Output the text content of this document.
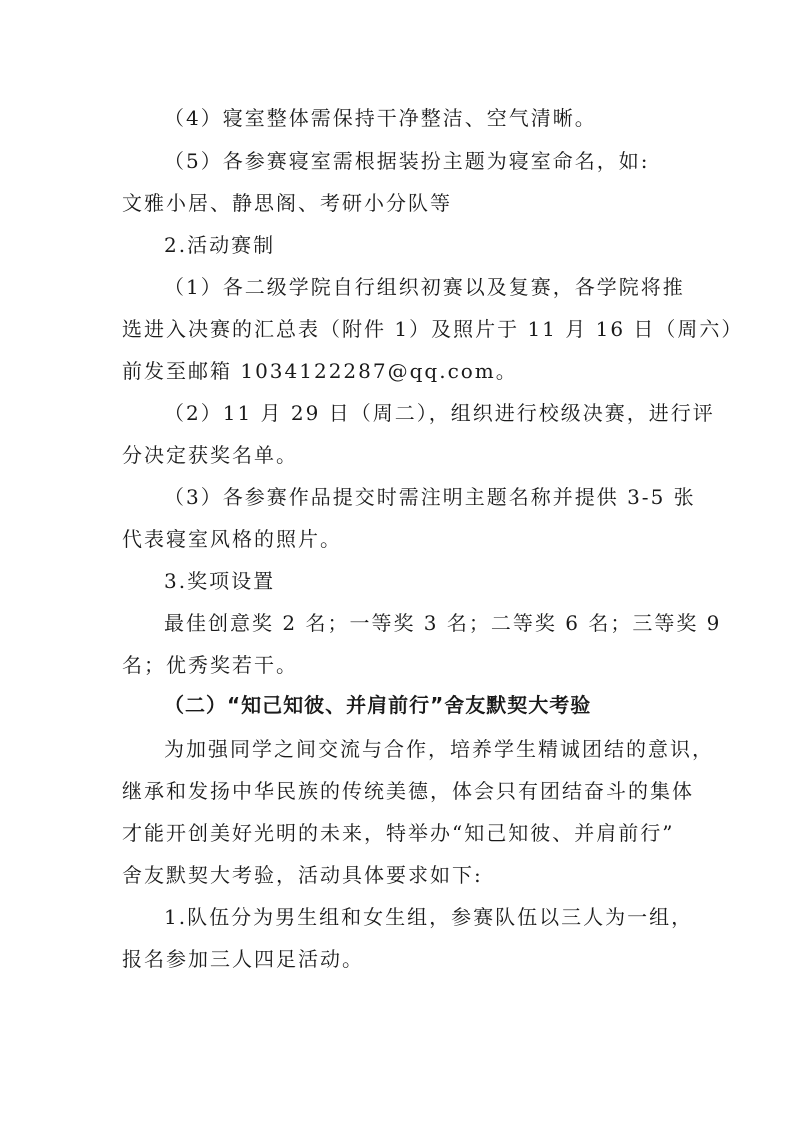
（4）寝室整体需保持干净整洁、空气清晰。
（5）各参赛寝室需根据装扮主题为寝室命名，如:
文雅小居、静思阁、考研小分队等
2.活动赛制
（1）各二级学院自行组织初赛以及复赛，各学院将推
选进入决赛的汇总表（附件 1）及照片于 11 月 16 日（周六）
前发至邮箱 1034122287@qq.com。
（2）11 月 29 日（周二），组织进行校级决赛，进行评
分决定获奖名单。
（3）各参赛作品提交时需注明主题名称并提供 3-5 张
代表寝室风格的照片。
3.奖项设置
最佳创意奖 2 名；一等奖 3 名；二等奖 6 名；三等奖 9
名；优秀奖若干。
（二）“知己知彼、并肩前行”舍友默契大考验
为加强同学之间交流与合作，培养学生精诚团结的意识，
继承和发扬中华民族的传统美德，体会只有团结奋斗的集体
才能开创美好光明的未来，特举办“知己知彼、并肩前行”
舍友默契大考验，活动具体要求如下:
1.队伍分为男生组和女生组，参赛队伍以三人为一组，
报名参加三人四足活动。
